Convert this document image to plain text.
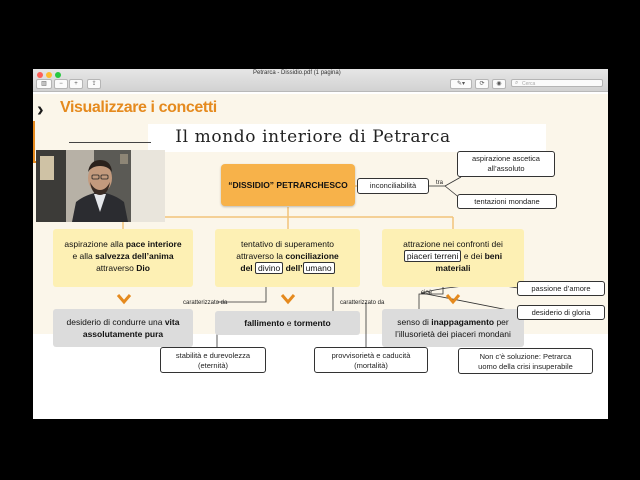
Petrarca - Dissidio.pdf (1 pagina)
▥	−	+	⇪	✎▾	⟳	◉	Cerca
⌕
›	Visualizzare i concetti
Il mondo interiore di Petrarca
“DISSIDIO” PETRARCHESCO	inconciliabilità	tra
aspirazione ascetica
all’assoluto
tentazioni mondane
aspirazione alla pace interiore
e alla salvezza dell’anima
attraverso Dio
tentativo di superamento
attraverso la conciliazione
del divino dell’ umano
attrazione nei confronti dei
piaceri terreni e dei beni
materiali
caratterizzato da	caratterizzato da
cioè
desiderio di condurre una vita
assolutamente pura
fallimento e tormento	senso di inappagamento per
l’illusorietà dei piaceri mondani
stabilità e durevolezza
(eternità)
provvisorietà e caducità
(mortalità)
passione d’amore
desiderio di gloria
Non c’è soluzione: Petrarca
uomo della crisi insuperabile
